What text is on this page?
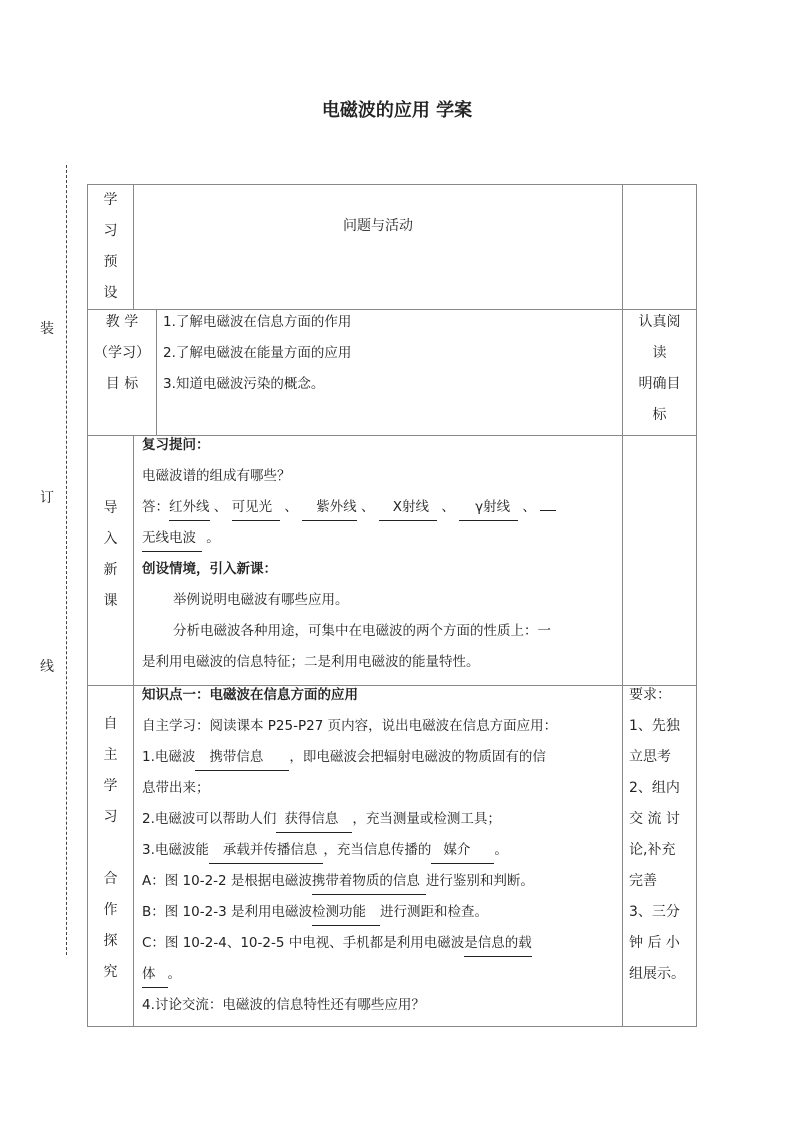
电磁波的应用 学案
装
订
线
学
习
预
设
问题与活动
教 学
（学习）
目 标
1.了解电磁波在信息方面的作用
2.了解电磁波在能量方面的应用
3.知道电磁波污染的概念。
认真阅
读
明确目
标
导
入
新
课
复习提问：
电磁波谱的组成有哪些？
答：红外线 、 可见光 、 紫外线 、 X射线 、 γ射线 、
无线电波 。
创设情境，引入新课：
举例说明电磁波有哪些应用。
分析电磁波各种用途，可集中在电磁波的两个方面的性质上：一
是利用电磁波的信息特征；二是利用电磁波的能量特性。
自
主
学
习
合
作
探
究
知识点一：电磁波在信息方面的应用
自主学习：阅读课本 P25-P27 页内容，说出电磁波在信息方面应用：
1.电磁波 携带信息 ，即电磁波会把辐射电磁波的物质固有的信
息带出来；
2.电磁波可以帮助人们 获得信息 ，充当测量或检测工具；
3.电磁波能 承载并传播信息 ，充当信息传播的 媒介 。
A：图 10-2-2 是根据电磁波携带着物质的信息 进行鉴别和判断。
B：图 10-2-3 是利用电磁波检测功能 进行测距和检查。
C：图 10-2-4、10-2-5 中电视、手机都是利用电磁波是信息的载
体 。
4.讨论交流：电磁波的信息特性还有哪些应用？
要求：
1、先独
立思考
2、组内
交 流 讨
论,补充
完善
3、三分
钟 后 小
组展示。
